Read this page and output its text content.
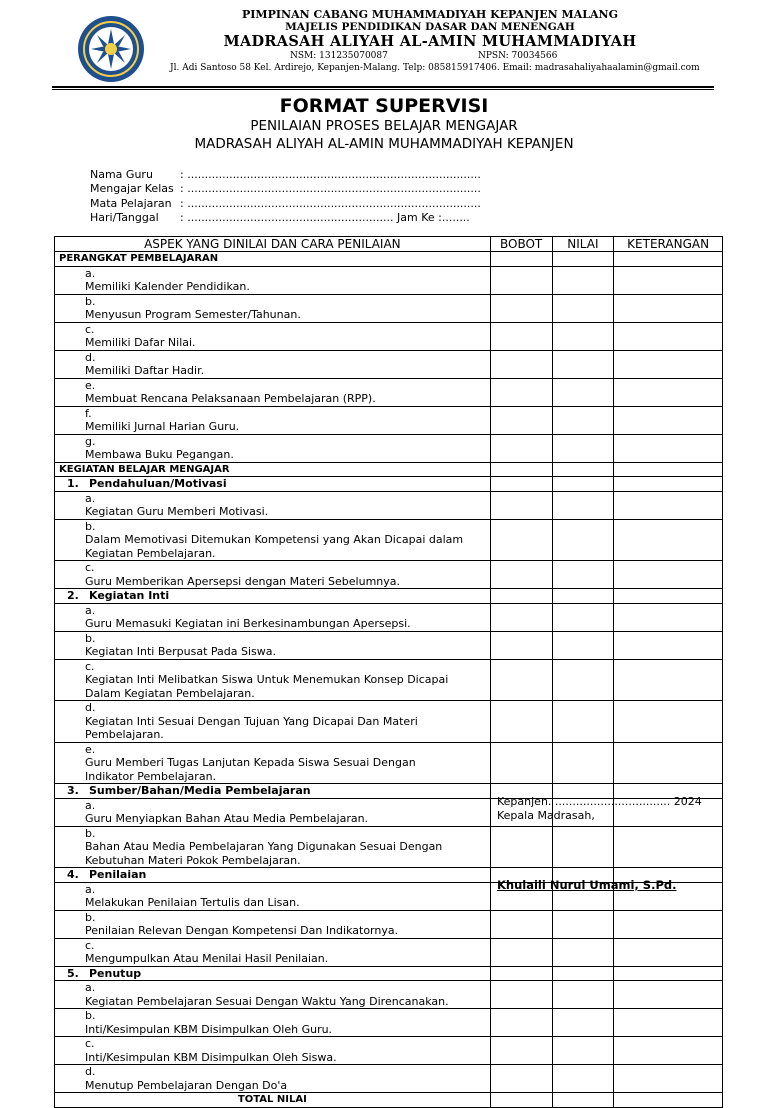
PIMPINAN CABANG MUHAMMADIYAH KEPANJEN MALANG
MAJELIS PENDIDIKAN DASAR DAN MENENGAH
MADRASAH ALIYAH AL-AMIN MUHAMMADIYAH
NSM: 131235070087	NPSN: 70034566
Jl. Adi Santoso 58 Kel. Ardirejo, Kepanjen-Malang. Telp: 085815917406. Email: madrasahaliyahaalamin@gmail.com
FORMAT SUPERVISI
PENILAIAN PROSES BELAJAR MENGAJAR
MADRASAH ALIYAH AL-AMIN MUHAMMADIYAH KEPANJEN
Nama Guru : ....................................................................................
Mengajar Kelas : ....................................................................................
Mata Pelajaran : ....................................................................................
Hari/Tanggal : ........................................................... Jam Ke :........
ASPEK YANG DINILAI DAN CARA PENILAIAN	BOBOT	NILAI	KETERANGAN
PERANGKAT PEMBELAJARAN			
a.Memiliki Kalender Pendidikan.			
b.Menyusun Program Semester/Tahunan.			
c.Memiliki Dafar Nilai.			
d.Memiliki Daftar Hadir.			
e.Membuat Rencana Pelaksanaan Pembelajaran (RPP).			
f.Memiliki Jurnal Harian Guru.			
g.Membawa Buku Pegangan.			
KEGIATAN BELAJAR MENGAJAR			
1. Pendahuluan/Motivasi			
a.Kegiatan Guru Memberi Motivasi.			
b.Dalam Memotivasi Ditemukan Kompetensi yang Akan Dicapai dalam Kegiatan Pembelajaran.			
c.Guru Memberikan Apersepsi dengan Materi Sebelumnya.			
2. Kegiatan Inti			
a.Guru Memasuki Kegiatan ini Berkesinambungan Apersepsi.			
b.Kegiatan Inti Berpusat Pada Siswa.			
c.Kegiatan Inti Melibatkan Siswa Untuk Menemukan Konsep Dicapai Dalam Kegiatan Pembelajaran.			
d.Kegiatan Inti Sesuai Dengan Tujuan Yang Dicapai Dan Materi Pembelajaran.			
e.Guru Memberi Tugas Lanjutan Kepada Siswa Sesuai Dengan Indikator Pembelajaran.			
3. Sumber/Bahan/Media Pembelajaran			
a.Guru Menyiapkan Bahan Atau Media Pembelajaran.			
b.Bahan Atau Media Pembelajaran Yang Digunakan Sesuai Dengan Kebutuhan Materi Pokok Pembelajaran.			
4. Penilaian			
a.Melakukan Penilaian Tertulis dan Lisan.			
b.Penilaian Relevan Dengan Kompetensi Dan Indikatornya.			
c.Mengumpulkan Atau Menilai Hasil Penilaian.			
5. Penutup			
a.Kegiatan Pembelajaran Sesuai Dengan Waktu Yang Direncanakan.			
b.Inti/Kesimpulan KBM Disimpulkan Oleh Guru.			
c.Inti/Kesimpulan KBM Disimpulkan Oleh Siswa.			
d.Menutup Pembelajaran Dengan Do'a			
TOTAL NILAI			
Kepanjen. ................................. 2024
Kepala Madrasah,
Khulaili Nurul Umami, S.Pd.
